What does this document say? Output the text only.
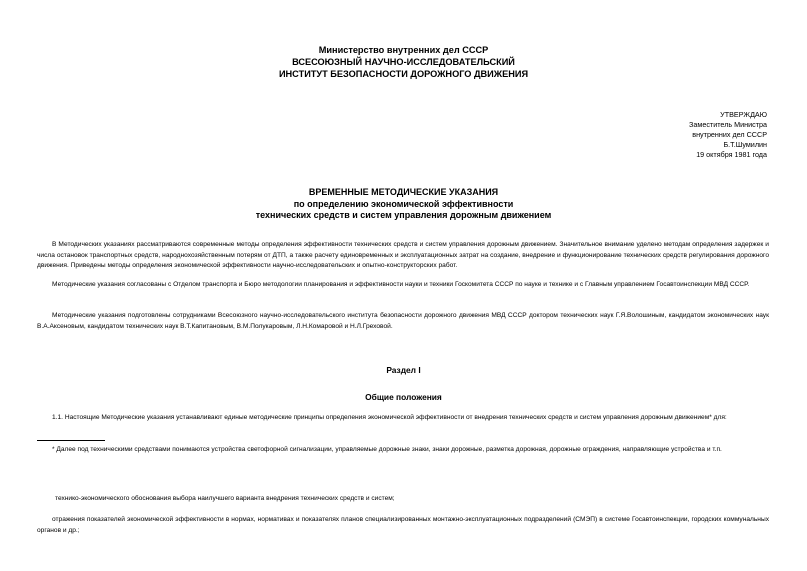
Министерство внутренних дел СССР
ВСЕСОЮЗНЫЙ НАУЧНО-ИССЛЕДОВАТЕЛЬСКИЙ
ИНСТИТУТ БЕЗОПАСНОСТИ ДОРОЖНОГО ДВИЖЕНИЯ
УТВЕРЖДАЮ
Заместитель Министра
внутренних дел СССР
Б.Т.Шумилин
19 октября 1981 года
ВРЕМЕННЫЕ МЕТОДИЧЕСКИЕ УКАЗАНИЯ
по определению экономической эффективности
технических средств и систем управления дорожным движением
В Методических указаниях рассматриваются современные методы определения эффективности технических средств и систем управления дорожным движением. Значительное внимание уделено методам определения задержек и числа остановок транспортных средств, народнохозяйственным потерям от ДТП, а также расчету единовременных и эксплуатационных затрат на создание, внедрение и функционирование технических средств регулирования дорожного движения. Приведены методы определения экономической эффективности научно-исследовательских и опытно-конструкторских работ.
Методические указания согласованы с Отделом транспорта и Бюро методологии планирования и эффективности науки и техники Госкомитета СССР по науке и технике и с Главным управлением Госавтоинспекции МВД СССР.
Методические указания подготовлены сотрудниками Всесоюзного научно-исследовательского института безопасности дорожного движения МВД СССР доктором технических наук Г.Я.Волошиным, кандидатом экономических наук В.А.Аксеновым, кандидатом технических наук В.Т.Капитановым, В.М.Полукаровым, Л.Н.Комаровой и Н.Л.Греховой.
Раздел I
Общие положения
1.1. Настоящие Методические указания устанавливают единые методические принципы определения экономической эффективности от внедрения технических средств и систем управления дорожным движением* для:
* Далее под техническими средствами понимаются устройства светофорной сигнализации, управляемые дорожные знаки, знаки дорожные, разметка дорожная, дорожные ограждения, направляющие устройства и т.п.
технико-экономического обоснования выбора наилучшего варианта внедрения технических средств и систем;
отражения показателей экономической эффективности в нормах, нормативах и показателях планов специализированных монтажно-эксплуатационных подразделений (СМЭП) в системе Госавтоинспекции, городских коммунальных органов и др.;
